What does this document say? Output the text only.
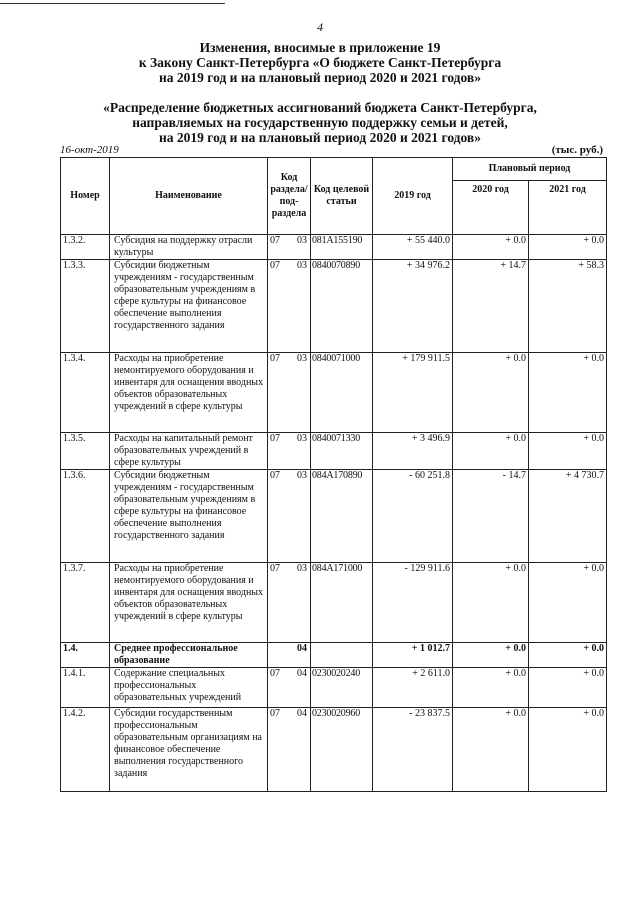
4
Изменения, вносимые в приложение 19
к Закону Санкт-Петербурга «О бюджете Санкт-Петербурга
на 2019 год и на плановый период 2020 и 2021 годов»
«Распределение бюджетных ассигнований бюджета Санкт-Петербурга,
направляемых на государственную поддержку семьи и детей,
на 2019 год и на плановый период 2020 и 2021 годов»
16-окт-2019	(тыс. руб.)
Номер	Наименование	Код раздела/ под- раздела	Код целевой статьи	2019 год	Плановый период	
					2020 год	2021 год
1.3.2.	Субсидия на поддержку отрасли культуры	07 03	081А155190	+ 55 440.0	+ 0.0	+ 0.0
1.3.3.	Субсидии бюджетным учреждениям - государственным образовательным учреждениям в сфере культуры на финансовое обеспечение выполнения государственного задания	07 03	0840070890	+ 34 976.2	+ 14.7	+ 58.3
1.3.4.	Расходы на приобретение немонтируемого оборудования и инвентаря для оснащения вводных объектов образовательных учреждений в сфере культуры	07 03	0840071000	+ 179 911.5	+ 0.0	+ 0.0
1.3.5.	Расходы на капитальный ремонт образовательных учреждений в сфере культуры	07 03	0840071330	+ 3 496.9	+ 0.0	+ 0.0
1.3.6.	Субсидии бюджетным учреждениям - государственным образовательным учреждениям в сфере культуры на финансовое обеспечение выполнения государственного задания	07 03	084А170890	- 60 251.8	- 14.7	+ 4 730.7
1.3.7.	Расходы на приобретение немонтируемого оборудования и инвентаря для оснащения вводных объектов образовательных учреждений в сфере культуры	07 03	084А171000	- 129 911.6	+ 0.0	+ 0.0
1.4.	Среднее профессиональное образование	04		+ 1 012.7	+ 0.0	+ 0.0
1.4.1.	Содержание специальных профессиональных образовательных учреждений	07 04	0230020240	+ 2 611.0	+ 0.0	+ 0.0
1.4.2.	Субсидии государственным профессиональным образовательным организациям на финансовое обеспечение выполнения государственного задания	07 04	0230020960	- 23 837.5	+ 0.0	+ 0.0
